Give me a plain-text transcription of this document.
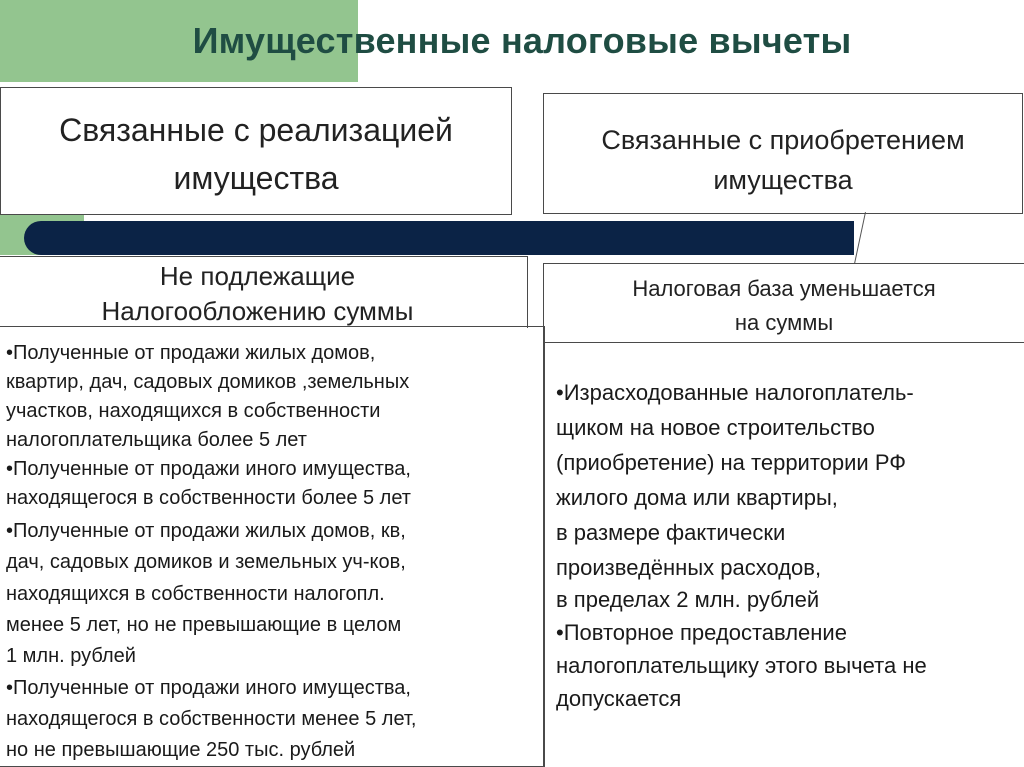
Имущественные налоговые вычеты
Связанные с реализацией
имущества
Связанные с приобретением
имущества
Не подлежащие
Налогообложению суммы
Налоговая база уменьшается
на суммы
•Полученные от продажи жилых домов,
квартир, дач, садовых домиков ,земельных
участков, находящихся в собственности
налогоплательщика более 5 лет
•Полученные от продажи иного имущества,
находящегося в собственности более 5 лет
•Полученные от продажи жилых домов, кв,
дач, садовых домиков и земельных уч-ков,
находящихся в собственности налогопл.
менее 5 лет, но не превышающие в целом
1 млн. рублей
•Полученные от продажи иного имущества,
находящегося в собственности менее 5 лет,
но не превышающие 250 тыс. рублей
•Израсходованные налогоплатель-
щиком на новое строительство
(приобретение) на территории РФ
жилого дома или квартиры,
в размере фактически
произведённых расходов,
в пределах 2 млн. рублей
•Повторное предоставление
налогоплательщику этого вычета не
допускается
